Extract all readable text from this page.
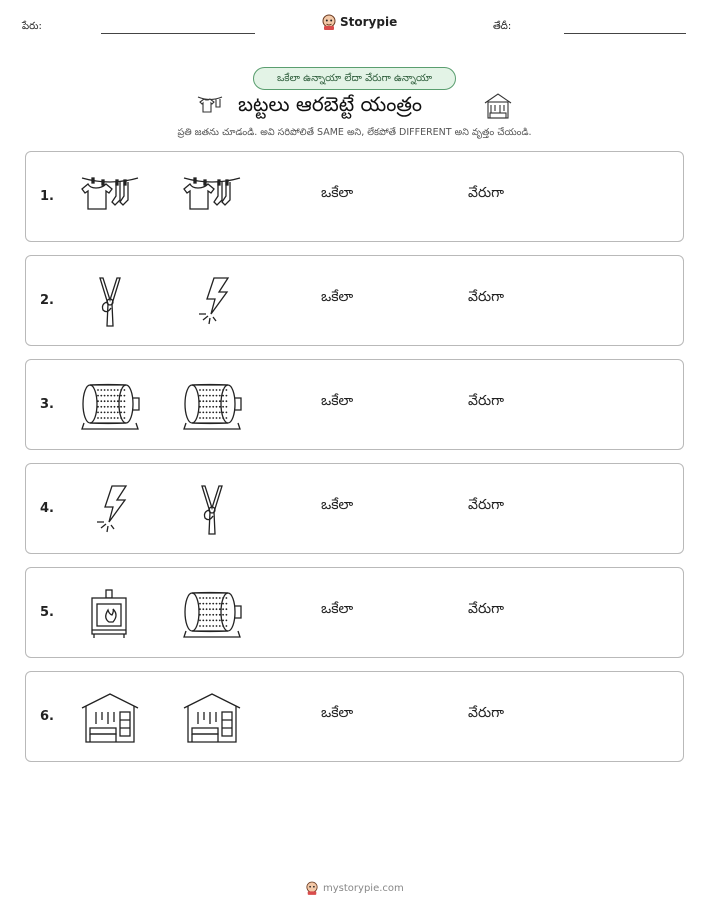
పేరు:	Storypie	తేదీ:
ఒకేలా ఉన్నాయా లేదా వేరుగా ఉన్నాయా
బట్టలు ఆరబెట్టే యంత్రం
ప్రతి జతను చూడండి. అవి సరిపోలితే SAME అని, లేకపోతే DIFFERENT అని వృత్తం చేయండి.
1.	ఒకేలా	వేరుగా
2.	ఒకేలా	వేరుగా
3.	ఒకేలా	వేరుగా
4.	ఒకేలా	వేరుగా
5.	ఒకేలా	వేరుగా
6.	ఒకేలా	వేరుగా
mystorypie.com
